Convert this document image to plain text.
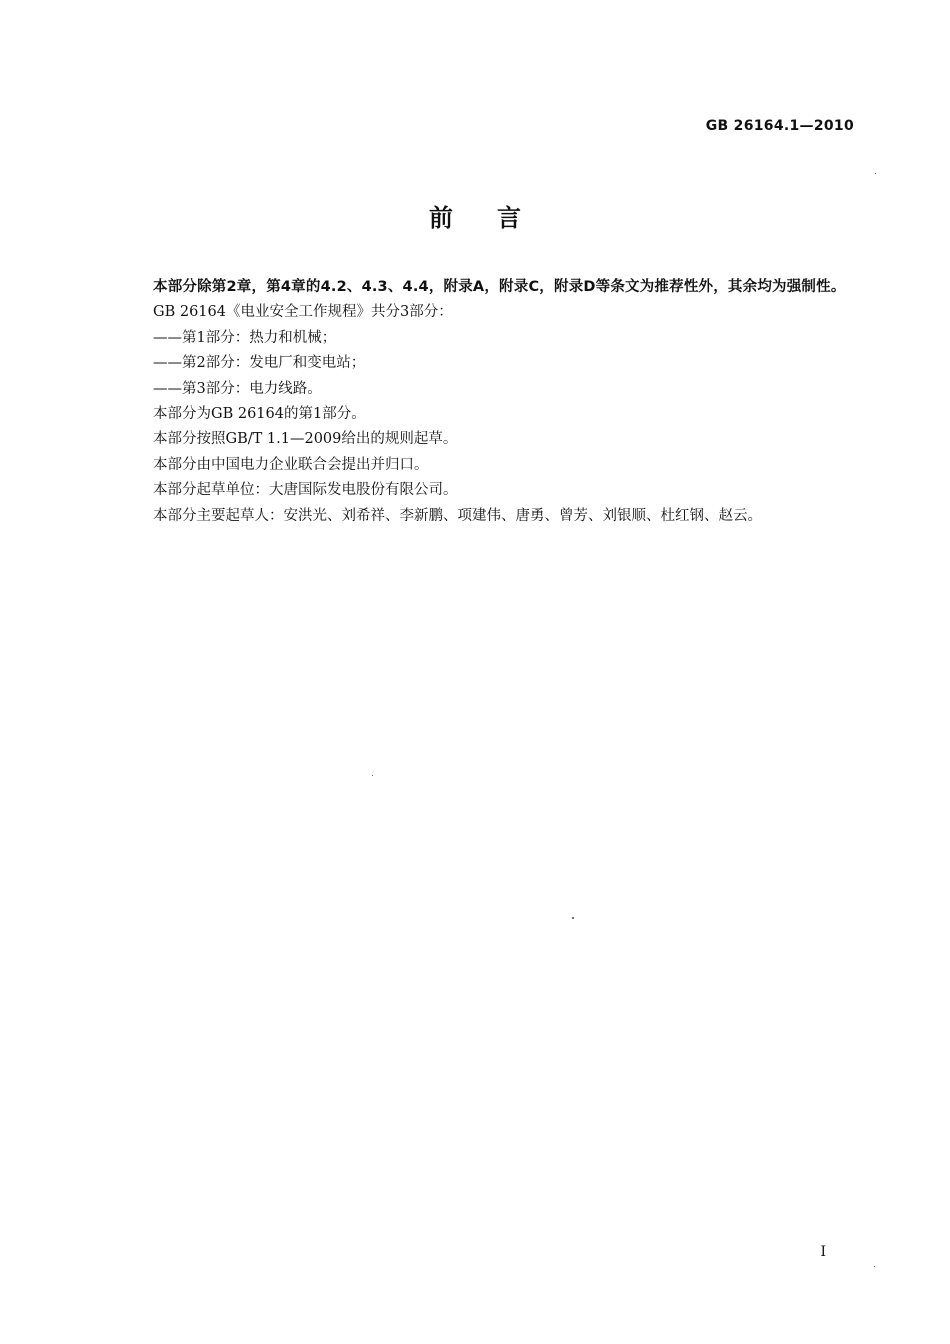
GB 26164.1—2010
前言

本部分除第2章，第4章的4.2、4.3、4.4，附录A，附录C，附录D等条文为推荐性外，其余均为强制性。

GB 26164《电业安全工作规程》共分3部分：

——第1部分：热力和机械；

——第2部分：发电厂和变电站；

——第3部分：电力线路。

本部分为GB 26164的第1部分。

本部分按照GB/T 1.1—2009给出的规则起草。

本部分由中国电力企业联合会提出并归口。

本部分起草单位：大唐国际发电股份有限公司。

本部分主要起草人：安洪光、刘希祥、李新鹏、项建伟、唐勇、曾芳、刘银顺、杜红钢、赵云。

I
